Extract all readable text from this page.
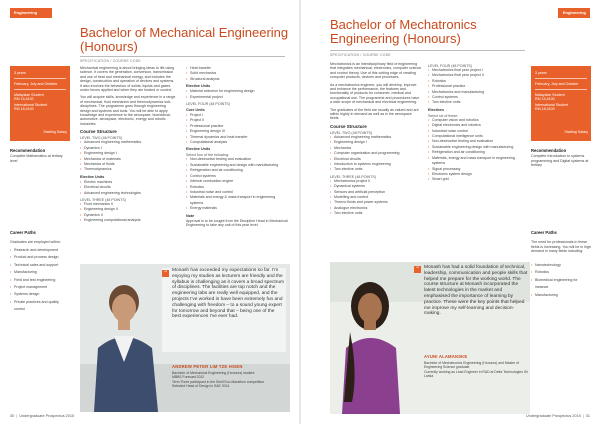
Engineering
3 years
February, July and October
Malaysian Student
RM 14,4100
International Student
RM 18,4100
Starting Salary
Recommendation
Complete Mathematics at tertiary level
Career Paths
Graduates are employed within:
• Research and development
• Product and process design
• Technical sales and support
• Manufacturing
• Field and test engineering
• Project management
• Systems design
• Private practices and quality control
Bachelor of Mechanical Engineering (Honours)
SPECIFICATION / COURSE CODE

Mechanical engineering is about bringing ideas to life using science. It covers the generation, conversion, transmission and use of heat and mechanical energy, and includes the design, construction and operation of devices and systems. It also involves the behaviour of solids, liquids and gases under forces applied and when they are heated or cooled.

You will acquire skills, knowledge and experience in a range of mechanical, fluid mechanics and thermodynamics sub-disciplines. The programme goes through engineering design and systems and tools. You will be able to apply knowledge and experience to the aerospace, biomedical, automotive, aerospace, electronic, energy and robotic industries.

Course Structure
LEVEL TWO (48 POINTS)
• Advanced engineering mathematics
• Dynamics I
• Engineering design I
• Mechanics of materials
• Mechanics of fluids
• Thermodynamics
Elective Units
• Electric machines
• Electrical circuits
• Advanced engineering technologies
LEVEL THREE (48 POINTS)
• Fluid mechanics II
• Engineering design II
• Dynamics II
• Engineering computational analysis
• Heat transfer
• Solid mechanics
• Structural analysis
Elective Units
• Material selection for engineering design
• Experimental project
LEVEL FOUR (48 POINTS)
Core Units
• Project I
• Project II
• Professional practice
• Engineering design III
• Thermal dynamics and heat transfer
• Computational analysis
Elective Units
Select four of the following:
• Non-destructive testing and evaluation
• Sustainable engineering and design with manufacturing
• Refrigeration and air conditioning
• Control systems
• Internal combustion engine
• Robotics
• Industrial noise and control
• Materials and energy & mass transport in engineering systems
• Energy materials
Note

Approval is to be sought from the Discipline Head in Mechanical Engineering to take any unit of this year level.

“	Monash has exceeded my expectations so far. I'm enjoying my studies as lecturers are friendly and the syllabus is challenging as it covers a broad spectrum of disciplines. The facilities are top notch and the engineering labs are really well equipped, and the projects I've worked in have been extremely fun and challenging with freedom – to a sound young expert for tomorrow and beyond that – being one of the best experiences I've ever had.
ANDREW PETER LIM TZE HSIEN
Bachelor of Mechanical Engineering (Honours) student
MBBS Forecast 2012
Term Three participant in the Shell Eco-Marathon competition
Selected Head of Design in SAE 2014
30 | Undergraduate Prospectus 2015
Engineering
Bachelor of Mechatronics Engineering (Honours)
SPECIFICATION / COURSE CODE

Mechatronics is an interdisciplinary field of engineering that integrates mechanical, electronics, computer science and control theory. Use of this cutting edge of creating computer products, devices and processes.

As a mechatronics engineer, you will develop, improve and enhance the performance, the features and functionality of products for consumer, medical and occupational use. The programme and procedures have a wide scope of mechanical and electrical engineering.

The graduates of the field are usually as valued and are within highly in demand as well as in the aerospace fields.

Course Structure
LEVEL TWO (48 POINTS)
• Advanced engineering mathematics
• Engineering design I
• Mechanics
• Computer organisation and programming
• Electrical circuits
• Introduction to systems engineering
• Two elective units
LEVEL THREE (48 POINTS)
• Mechatronics project II
• Dynamical systems
• Sensors and artificial perception
• Modelling and control
• Thermo fluids and power systems
• Analogue electronics
• Two elective units
LEVEL FOUR (48 POINTS)
• Mechatronics final year project I
• Mechatronics final year project II
• Robotics
• Professional practice
• Mechatronics and manufacturing
• Control systems
• Two elective units
Electives
Select six of these:
• Computer vision and robotics
• Digital electronics and robotics
• Industrial noise control
• Computational intelligence units
• Non-destructive testing and evaluation
• Sustainable engineering design with manufacturing
• Refrigeration and air conditioning
• Materials, energy and mass transport in engineering systems
• Signal processing
• Electronic system design
• Smart grid
3 years
February, July and October
Malaysian Student
RM 14,4100
International Student
RM 18,4100
Starting Salary
Recommendation
Complete Introduction to systems programming and Digital systems at tertiary
Career Paths
The need for professionals in these fields is increasing. You will be in high demand in many fields including:
• Nanotechnology
• Robotics
• Biomedical engineering for instance
• Manufacturing
“	Monash has had a solid foundation of technical, leadership, communication and people skills that helped me prepare for the working world. The course structure at Monash incorporated the latest technologies in the market and emphasised the importance of learning by practice. These were the key points that helped me improve my self-learning and decision-making.
AYUNI ALAMANSKE
Bachelor of Mechatronics Engineering (Honours) and Master of Engineering Science graduate
Currently working as Lead Engineer in R&D at Delta Technologies Sri Lanka
Undergraduate Prospectus 2015 | 31
